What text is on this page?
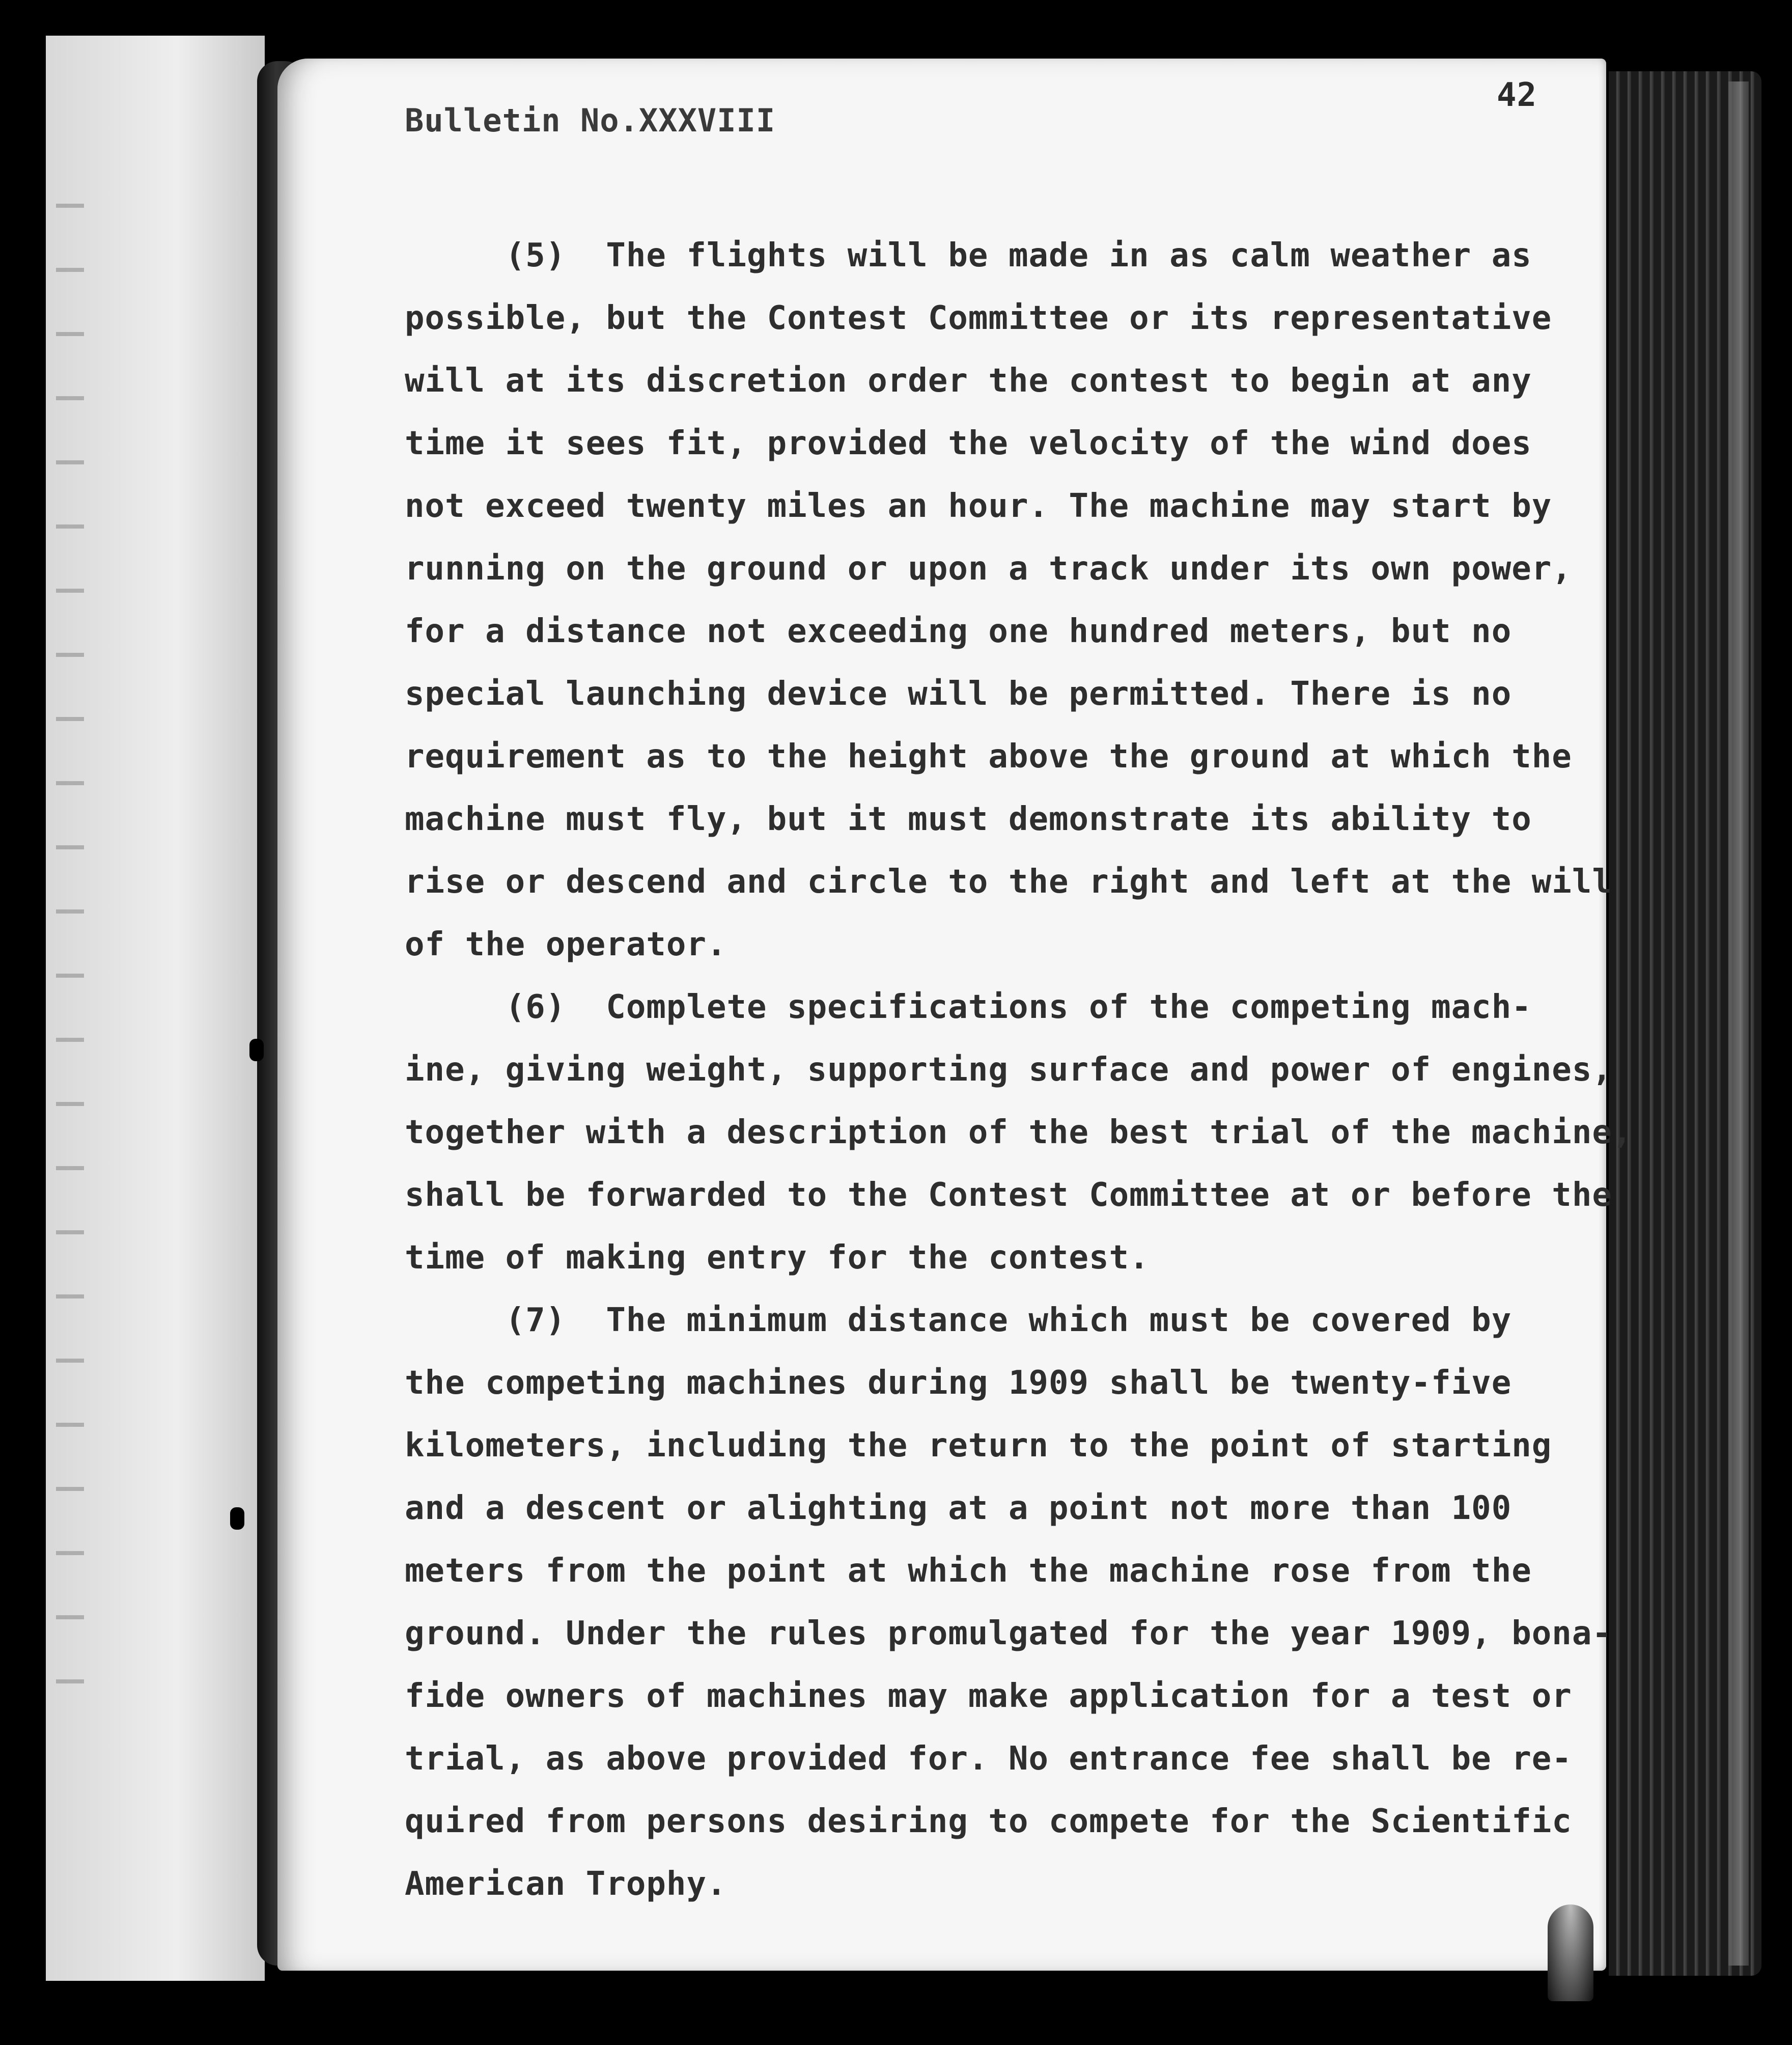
Bulletin No.XXXVIII
42
(5)  The flights will be made in as calm weather as
possible, but the Contest Committee or its representative
will at its discretion order the contest to begin at any
time it sees fit, provided the velocity of the wind does
not exceed twenty miles an hour. The machine may start by
running on the ground or upon a track under its own power,
for a distance not exceeding one hundred meters, but no
special launching device will be permitted. There is no
requirement as to the height above the ground at which the
machine must fly, but it must demonstrate its ability to
rise or descend and circle to the right and left at the will
of the operator.
(6)  Complete specifications of the competing mach-
ine, giving weight, supporting surface and power of engines,
together with a description of the best trial of the machine,
shall be forwarded to the Contest Committee at or before the
time of making entry for the contest.
(7)  The minimum distance which must be covered by
the competing machines during 1909 shall be twenty-five
kilometers, including the return to the point of starting
and a descent or alighting at a point not more than 100
meters from the point at which the machine rose from the
ground. Under the rules promulgated for the year 1909, bona-
fide owners of machines may make application for a test or
trial, as above provided for. No entrance fee shall be re-
quired from persons desiring to compete for the Scientific
American Trophy.
